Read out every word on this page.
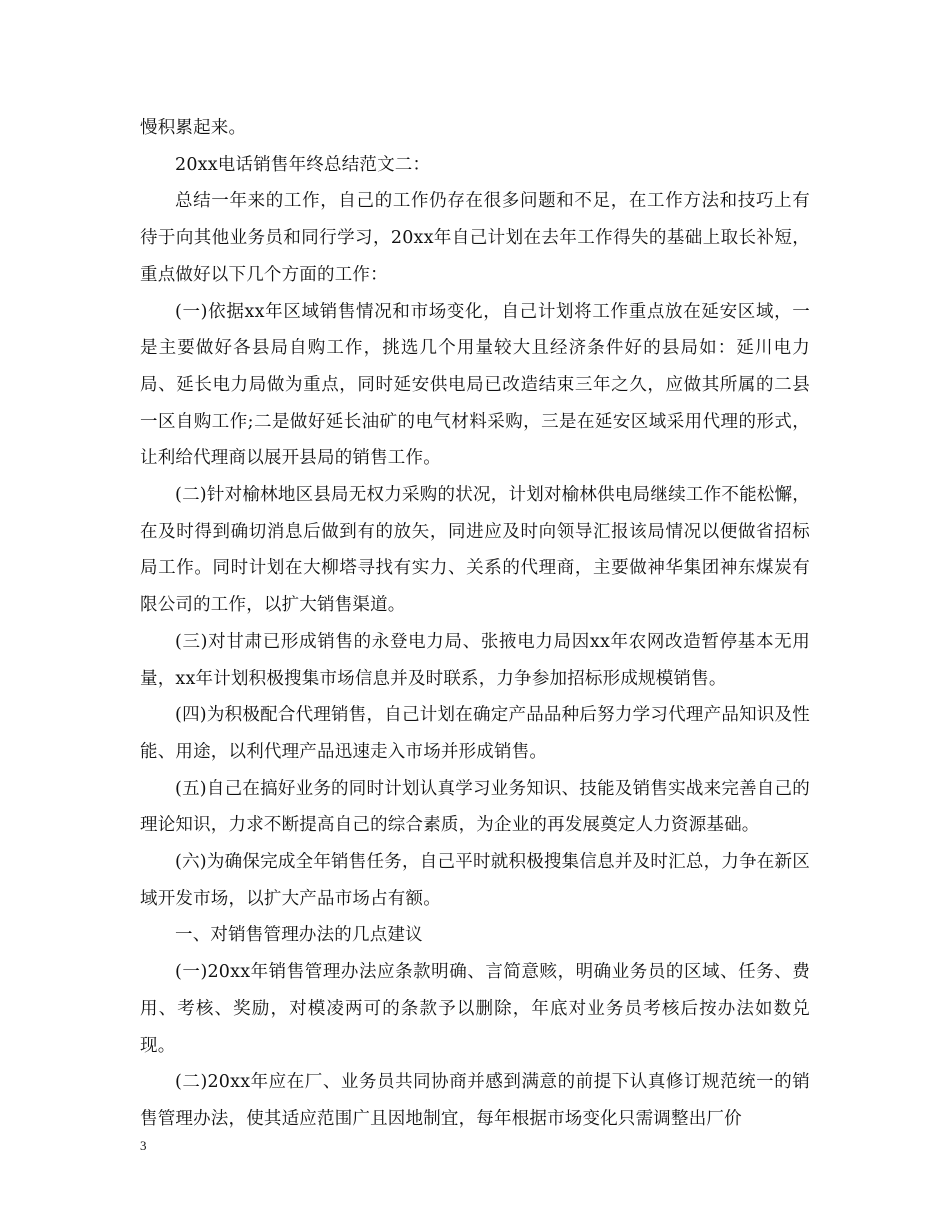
慢积累起来。

20xx电话销售年终总结范文二：

总结一年来的工作，自己的工作仍存在很多问题和不足，在工作方法和技巧上有待于向其他业务员和同行学习，20xx年自己计划在去年工作得失的基础上取长补短，重点做好以下几个方面的工作：

(一)依据xx年区域销售情况和市场变化，自己计划将工作重点放在延安区域，一是主要做好各县局自购工作，挑选几个用量较大且经济条件好的县局如：延川电力局、延长电力局做为重点，同时延安供电局已改造结束三年之久，应做其所属的二县一区自购工作;二是做好延长油矿的电气材料采购，三是在延安区域采用代理的形式，让利给代理商以展开县局的销售工作。

(二)针对榆林地区县局无权力采购的状况，计划对榆林供电局继续工作不能松懈，在及时得到确切消息后做到有的放矢，同进应及时向领导汇报该局情况以便做省招标局工作。同时计划在大柳塔寻找有实力、关系的代理商，主要做神华集团神东煤炭有限公司的工作，以扩大销售渠道。

(三)对甘肃已形成销售的永登电力局、张掖电力局因xx年农网改造暂停基本无用量，xx年计划积极搜集市场信息并及时联系，力争参加招标形成规模销售。

(四)为积极配合代理销售，自己计划在确定产品品种后努力学习代理产品知识及性能、用途，以利代理产品迅速走入市场并形成销售。

(五)自己在搞好业务的同时计划认真学习业务知识、技能及销售实战来完善自己的理论知识，力求不断提高自己的综合素质，为企业的再发展奠定人力资源基础。

(六)为确保完成全年销售任务，自己平时就积极搜集信息并及时汇总，力争在新区域开发市场，以扩大产品市场占有额。

一、对销售管理办法的几点建议

(一)20xx年销售管理办法应条款明确、言简意赅，明确业务员的区域、任务、费用、考核、奖励，对模凌两可的条款予以删除，年底对业务员考核后按办法如数兑现。

(二)20xx年应在厂、业务员共同协商并感到满意的前提下认真修订规范统一的销售管理办法，使其适应范围广且因地制宜，每年根据市场变化只需调整出厂价

3
